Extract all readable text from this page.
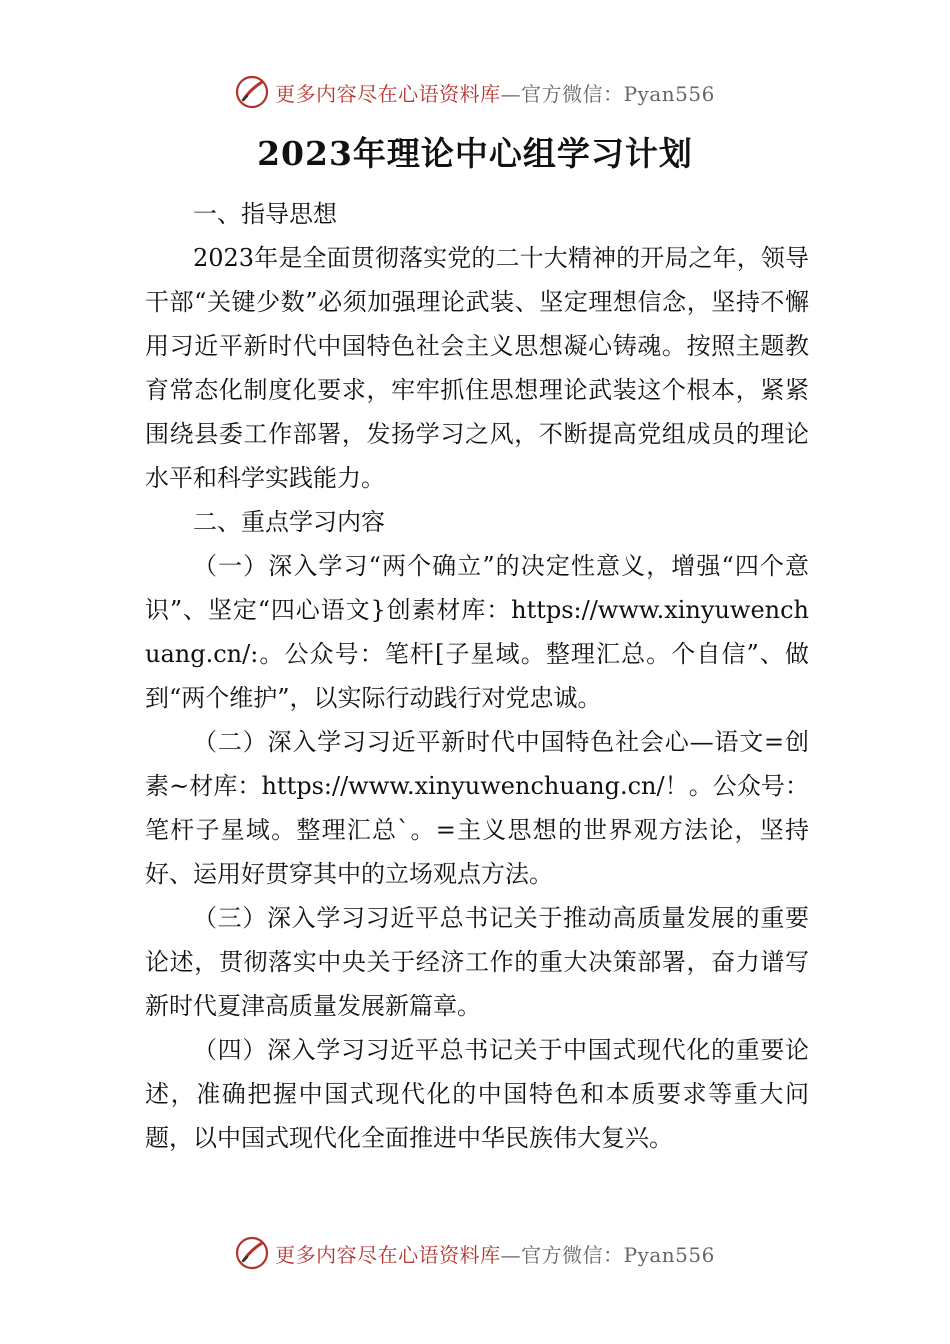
更多内容尽在心语资料库—官方微信：Pyan556
2023年理论中心组学习计划

一、指导思想

2023年是全面贯彻落实党的二十大精神的开局之年，领导干部“关键少数”必须加强理论武装、坚定理想信念，坚持不懈用习近平新时代中国特色社会主义思想凝心铸魂。按照主题教育常态化制度化要求，牢牢抓住思想理论武装这个根本，紧紧围绕县委工作部署，发扬学习之风，不断提高党组成员的理论水平和科学实践能力。

二、重点学习内容

（一）深入学习“两个确立”的决定性意义，增强“四个意识”、坚定“四心语文}创素材库：https://www.xinyuwenchuang.cn/:。公众号：笔杆[子星域。整理汇总。个自信”、做到“两个维护”，以实际行动践行对党忠诚。

（二）深入学习习近平新时代中国特色社会心—语文=创素~材库：https://www.xinyuwenchuang.cn/！。公众号：笔杆子星域。整理汇总`。=主义思想的世界观方法论，坚持好、运用好贯穿其中的立场观点方法。

（三）深入学习习近平总书记关于推动高质量发展的重要论述，贯彻落实中央关于经济工作的重大决策部署，奋力谱写新时代夏津高质量发展新篇章。

（四）深入学习习近平总书记关于中国式现代化的重要论述，准确把握中国式现代化的中国特色和本质要求等重大问题，以中国式现代化全面推进中华民族伟大复兴。

更多内容尽在心语资料库—官方微信：Pyan556
